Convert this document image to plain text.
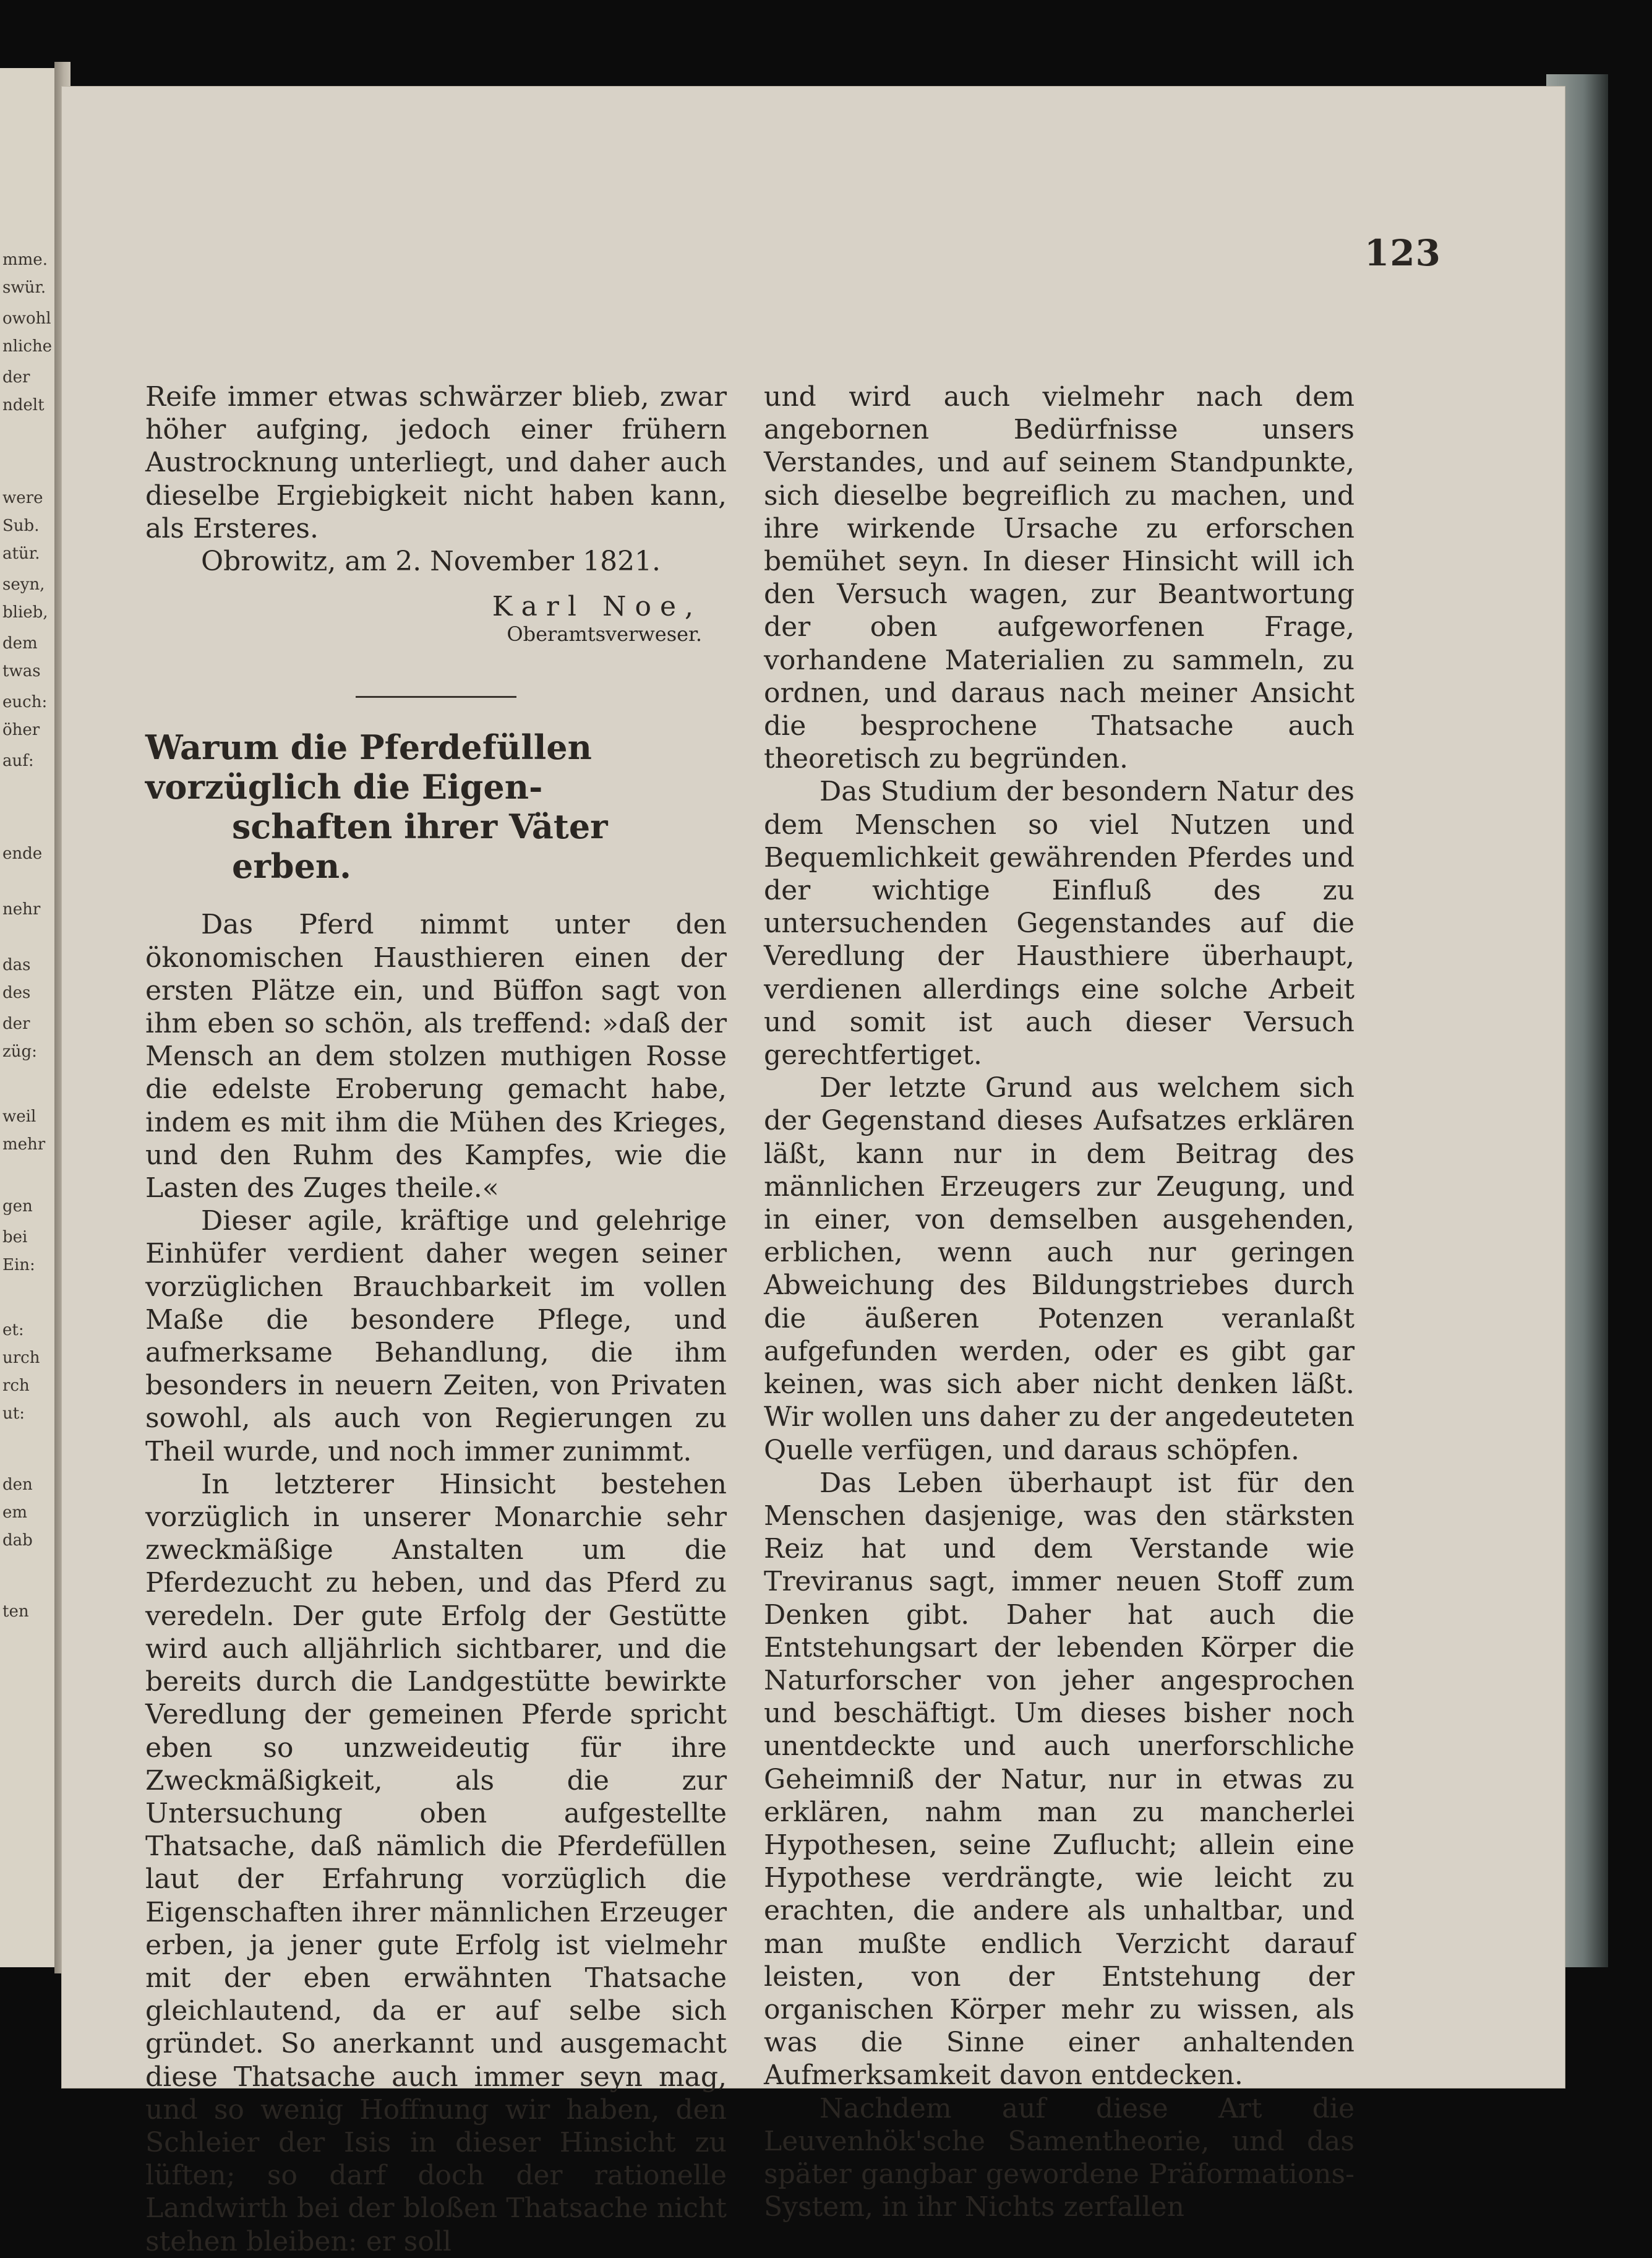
mme.
swür.
owohl
nliche
der
ndelt
were
Sub.
atür.
seyn,
blieb,
dem
twas
euch:
öher
auf:
ende
nehr
das
des
der
züg:
weil
mehr
gen
bei
Ein:
et:
urch
rch
ut:
den
em
dab
ten
123

Reife immer etwas schwärzer blieb, zwar höher aufging, jedoch einer frühern Austrocknung unterliegt, und daher auch dieselbe Ergiebigkeit nicht haben kann, als Ersteres.

Obrowitz, am 2. November 1821.

Karl Noe,
Oberamtsverweser.
Warum die Pferdefüllen vorzüglich die Eigen-
schaften ihrer Väter erben.

Das Pferd nimmt unter den ökonomischen Hausthieren einen der ersten Plätze ein, und Büffon sagt von ihm eben so schön, als treffend: »daß der Mensch an dem stolzen muthigen Rosse die edelste Eroberung gemacht habe, indem es mit ihm die Mühen des Krieges, und den Ruhm des Kampfes, wie die Lasten des Zuges theile.«

Dieser agile, kräftige und gelehrige Einhüfer verdient daher wegen seiner vorzüglichen Brauchbarkeit im vollen Maße die besondere Pflege, und aufmerksame Behandlung, die ihm besonders in neuern Zeiten, von Privaten sowohl, als auch von Regierungen zu Theil wurde, und noch immer zunimmt.

In letzterer Hinsicht bestehen vorzüglich in unserer Monarchie sehr zweckmäßige Anstalten um die Pferdezucht zu heben, und das Pferd zu veredeln. Der gute Erfolg der Gestütte wird auch alljährlich sichtbarer, und die bereits durch die Landgestütte bewirkte Veredlung der gemeinen Pferde spricht eben so unzweideutig für ihre Zweckmäßigkeit, als die zur Untersuchung oben aufgestellte Thatsache, daß nämlich die Pferdefüllen laut der Erfahrung vorzüglich die Eigenschaften ihrer männlichen Erzeuger erben, ja jener gute Erfolg ist vielmehr mit der eben erwähnten Thatsache gleichlautend, da er auf selbe sich gründet. So anerkannt und ausgemacht diese Thatsache auch immer seyn mag, und so wenig Hoffnung wir haben, den Schleier der Isis in dieser Hinsicht zu lüften; so darf doch der rationelle Landwirth bei der bloßen Thatsache nicht stehen bleiben: er soll

und wird auch vielmehr nach dem angebornen Bedürfnisse unsers Verstandes, und auf seinem Standpunkte, sich dieselbe begreiflich zu machen, und ihre wirkende Ursache zu erforschen bemühet seyn. In dieser Hinsicht will ich den Versuch wagen, zur Beantwortung der oben aufgeworfenen Frage, vorhandene Materialien zu sammeln, zu ordnen, und daraus nach meiner Ansicht die besprochene Thatsache auch theoretisch zu begründen.

Das Studium der besondern Natur des dem Menschen so viel Nutzen und Bequemlichkeit gewährenden Pferdes und der wichtige Einfluß des zu untersuchenden Gegenstandes auf die Veredlung der Hausthiere überhaupt, verdienen allerdings eine solche Arbeit und somit ist auch dieser Versuch gerechtfertiget.

Der letzte Grund aus welchem sich der Gegenstand dieses Aufsatzes erklären läßt, kann nur in dem Beitrag des männlichen Erzeugers zur Zeugung, und in einer, von demselben ausgehenden, erblichen, wenn auch nur geringen Abweichung des Bildungstriebes durch die äußeren Potenzen veranlaßt aufgefunden werden, oder es gibt gar keinen, was sich aber nicht denken läßt. Wir wollen uns daher zu der angedeuteten Quelle verfügen, und daraus schöpfen.

Das Leben überhaupt ist für den Menschen dasjenige, was den stärksten Reiz hat und dem Verstande wie Treviranus sagt, immer neuen Stoff zum Denken gibt. Daher hat auch die Entstehungsart der lebenden Körper die Naturforscher von jeher angesprochen und beschäftigt. Um dieses bisher noch unentdeckte und auch unerforschliche Geheimniß der Natur, nur in etwas zu erklären, nahm man zu mancherlei Hypothesen, seine Zuflucht; allein eine Hypothese verdrängte, wie leicht zu erachten, die andere als unhaltbar, und man mußte endlich Verzicht darauf leisten, von der Entstehung der organischen Körper mehr zu wissen, als was die Sinne einer anhaltenden Aufmerksamkeit davon entdecken.

Nachdem auf diese Art die Leuvenhök'sche Samentheorie, und das später gangbar gewordene Präformations-System, in ihr Nichts zerfallen
